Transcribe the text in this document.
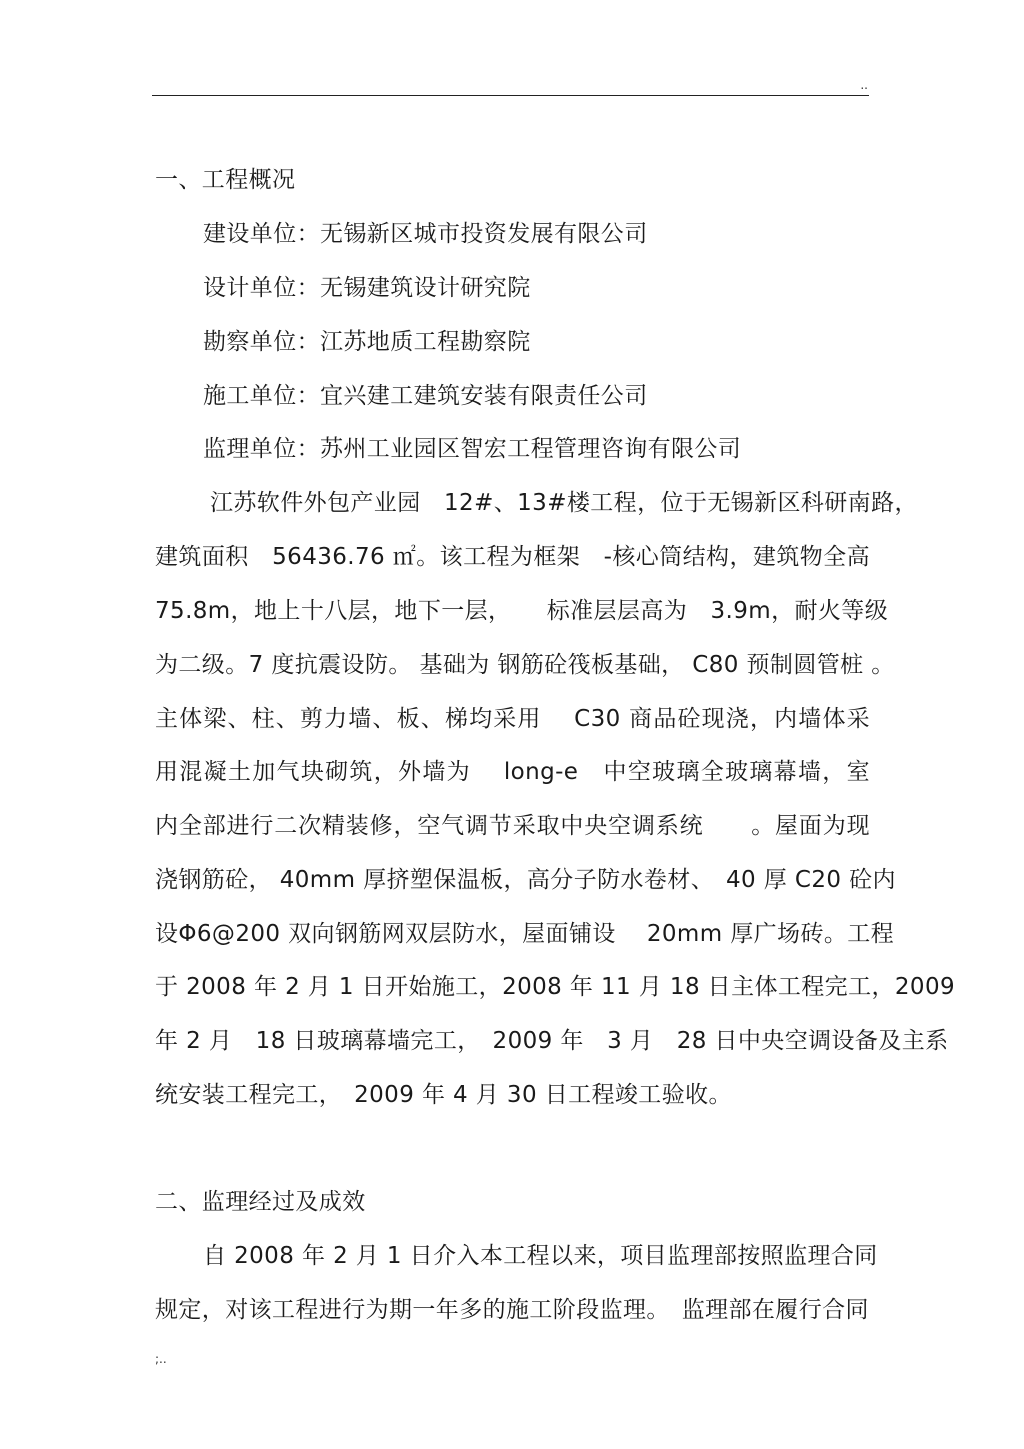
..
一、工程概况
建设单位：无锡新区城市投资发展有限公司
设计单位：无锡建筑设计研究院
勘察单位：江苏地质工程勘察院
施工单位：宜兴建工建筑安装有限责任公司
监理单位：苏州工业园区智宏工程管理咨询有限公司
江苏软件外包产业园　12#、13#楼工程，位于无锡新区科研南路，
建筑面积　56436.76 ㎡。该工程为框架　-核心筒结构，建筑物全高
75.8m，地上十八层，地下一层，　　标准层层高为　3.9m，耐火等级
为二级。7 度抗震设防。 基础为 钢筋砼筏板基础， C80 预制圆管桩 。
主体梁、柱、剪力墙、板、梯均采用　 C30 商品砼现浇，内墙体采
用混凝土加气块砌筑，外墙为　 long-e　中空玻璃全玻璃幕墙，室
内全部进行二次精装修，空气调节采取中央空调系统　　。屋面为现
浇钢筋砼， 40mm 厚挤塑保温板，高分子防水卷材、　40 厚 C20 砼内
设Φ6@200 双向钢筋网双层防水，屋面铺设　 20mm 厚广场砖。工程
于 2008 年 2 月 1 日开始施工，2008 年 11 月 18 日主体工程完工，2009
年 2 月　18 日玻璃幕墙完工，　2009 年　3 月　28 日中央空调设备及主系
统安装工程完工，　2009 年 4 月 30 日工程竣工验收。
二、监理经过及成效
自 2008 年 2 月 1 日介入本工程以来，项目监理部按照监理合同
规定，对该工程进行为期一年多的施工阶段监理。　监理部在履行合同
;..
